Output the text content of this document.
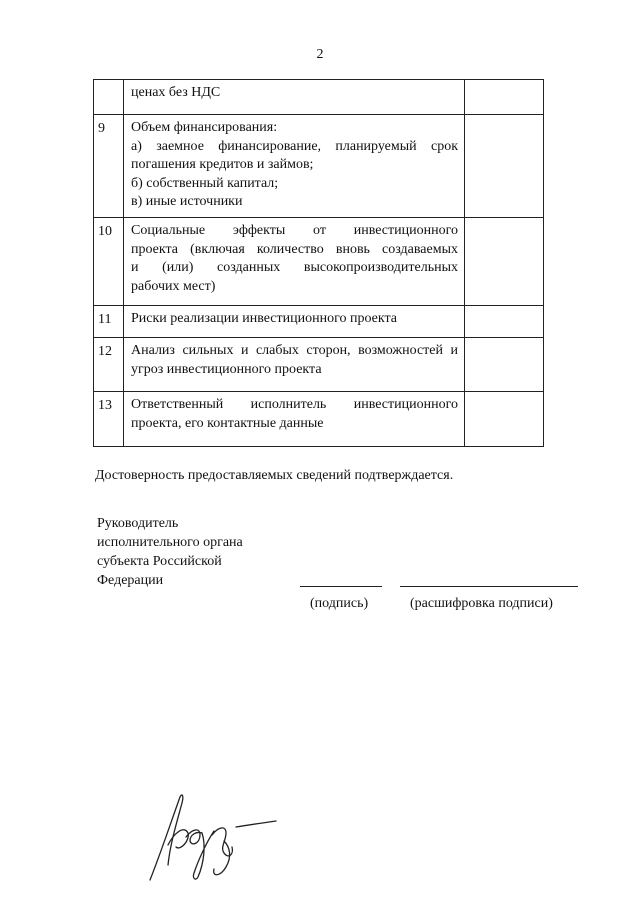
2

	ценах без НДС	

9	Объем финансирования:
а) заемное финансирование, планируемый срок
погашения кредитов и займов;
б) собственный капитал;
в) иные источники	

10	Социальные эффекты от инвестиционного
проекта (включая количество вновь создаваемых
и (или) созданных высокопроизводительных
рабочих мест)	

11	Риски реализации инвестиционного проекта	

12	Анализ сильных и слабых сторон, возможностей и
угроз инвестиционного проекта	

13	Ответственный исполнитель инвестиционного
проекта, его контактные данные	

Достоверность предоставляемых сведений подтверждается.
Руководитель
исполнительного органа
субъекта Российской
Федерации
(подпись)	(расшифровка подписи)
